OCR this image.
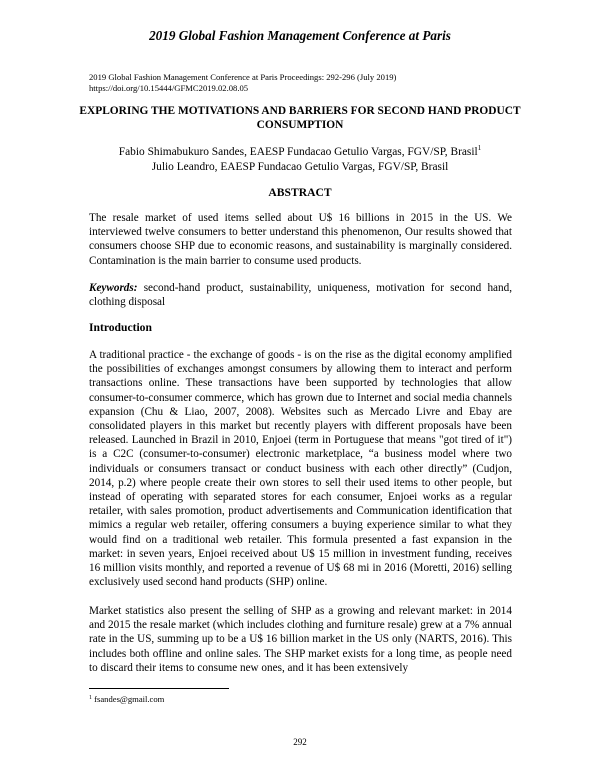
2019 Global Fashion Management Conference at Paris
2019 Global Fashion Management Conference at Paris Proceedings: 292-296 (July 2019)
https://doi.org/10.15444/GFMC2019.02.08.05
EXPLORING THE MOTIVATIONS AND BARRIERS FOR SECOND HAND PRODUCT CONSUMPTION
Fabio Shimabukuro Sandes, EAESP Fundacao Getulio Vargas, FGV/SP, Brasil$^1$
Julio Leandro, EAESP Fundacao Getulio Vargas, FGV/SP, Brasil
ABSTRACT
The resale market of used items selled about U$ 16 billions in 2015 in the US. We interviewed twelve consumers to better understand this phenomenon, Our results showed that consumers choose SHP due to economic reasons, and sustainability is marginally considered. Contamination is the main barrier to consume used products.
Keywords: second-hand product, sustainability, uniqueness, motivation for second hand, clothing disposal
Introduction
A traditional practice - the exchange of goods - is on the rise as the digital economy amplified the possibilities of exchanges amongst consumers by allowing them to interact and perform transactions online. These transactions have been supported by technologies that allow consumer-to-consumer commerce, which has grown due to Internet and social media channels expansion (Chu & Liao, 2007, 2008). Websites such as Mercado Livre and Ebay are consolidated players in this market but recently players with different proposals have been released. Launched in Brazil in 2010, Enjoei (term in Portuguese that means "got tired of it") is a C2C (consumer-to-consumer) electronic marketplace, “a business model where two individuals or consumers transact or conduct business with each other directly” (Cudjon, 2014, p.2) where people create their own stores to sell their used items to other people, but instead of operating with separated stores for each consumer, Enjoei works as a regular retailer, with sales promotion, product advertisements and Communication identification that mimics a regular web retailer, offering consumers a buying experience similar to what they would find on a traditional web retailer. This formula presented a fast expansion in the market: in seven years, Enjoei received about U$ 15 million in investment funding, receives 16 million visits monthly, and reported a revenue of U$ 68 mi in 2016 (Moretti, 2016) selling exclusively used second hand products (SHP) online.
Market statistics also present the selling of SHP as a growing and relevant market: in 2014 and 2015 the resale market (which includes clothing and furniture resale) grew at a 7% annual rate in the US, summing up to be a U$ 16 billion market in the US only (NARTS, 2016). This includes both offline and online sales. The SHP market exists for a long time, as people need to discard their items to consume new ones, and it has been extensively
$^1$ fsandes@gmail.com
292
